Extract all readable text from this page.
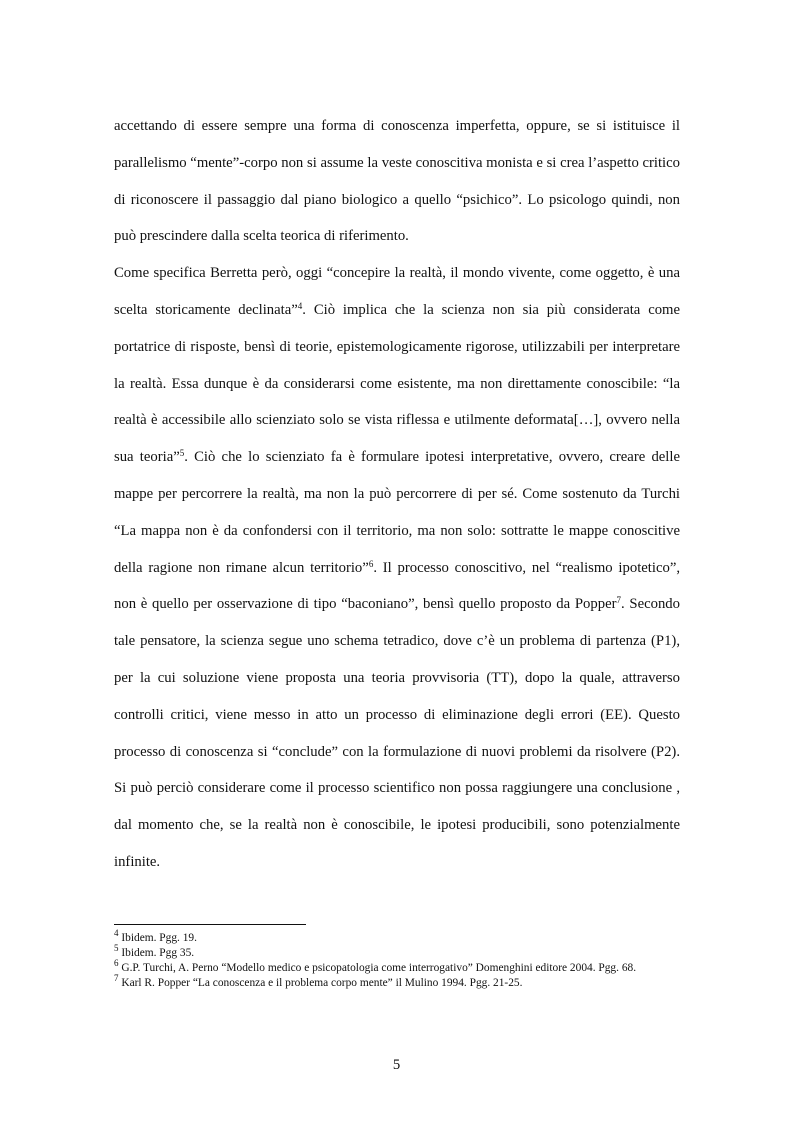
accettando di essere sempre una forma di conoscenza imperfetta, oppure, se si istituisce il parallelismo “mente”-corpo non si assume la veste conoscitiva monista e si crea l’aspetto critico di riconoscere il passaggio dal piano biologico a quello “psichico”. Lo psicologo quindi, non può prescindere dalla scelta teorica di riferimento.

Come specifica Berretta però, oggi “concepire la realtà, il mondo vivente, come oggetto, è una scelta storicamente declinata”$^4$. Ciò implica che la scienza non sia più considerata come portatrice di risposte, bensì di teorie, epistemologicamente rigorose, utilizzabili per interpretare la realtà. Essa dunque è da considerarsi come esistente, ma non direttamente conoscibile: “la realtà è accessibile allo scienziato solo se vista riflessa e utilmente deformata[…], ovvero nella sua teoria”$^5$. Ciò che lo scienziato fa è formulare ipotesi interpretative, ovvero, creare delle mappe per percorrere la realtà, ma non la può percorrere di per sé. Come sostenuto da Turchi “La mappa non è da confondersi con il territorio, ma non solo: sottratte le mappe conoscitive della ragione non rimane alcun territorio”$^6$. Il processo conoscitivo, nel “realismo ipotetico”, non è quello per osservazione di tipo “baconiano”, bensì quello proposto da Popper$^7$. Secondo tale pensatore, la scienza segue uno schema tetradico, dove c’è un problema di partenza (P1), per la cui soluzione viene proposta una teoria provvisoria (TT), dopo la quale, attraverso controlli critici, viene messo in atto un processo di eliminazione degli errori (EE). Questo processo di conoscenza si “conclude” con la formulazione di nuovi problemi da risolvere (P2). Si può perciò considerare come il processo scientifico non possa raggiungere una conclusione , dal momento che, se la realtà non è conoscibile, le ipotesi producibili, sono potenzialmente infinite.

$^4$ Ibidem. Pgg. 19.

$^5$ Ibidem. Pgg 35.

$^6$ G.P. Turchi, A. Perno “Modello medico e psicopatologia come interrogativo” Domenghini editore 2004. Pgg. 68.

$^7$ Karl R. Popper “La conoscenza e il problema corpo mente” il Mulino 1994. Pgg. 21-25.

5
